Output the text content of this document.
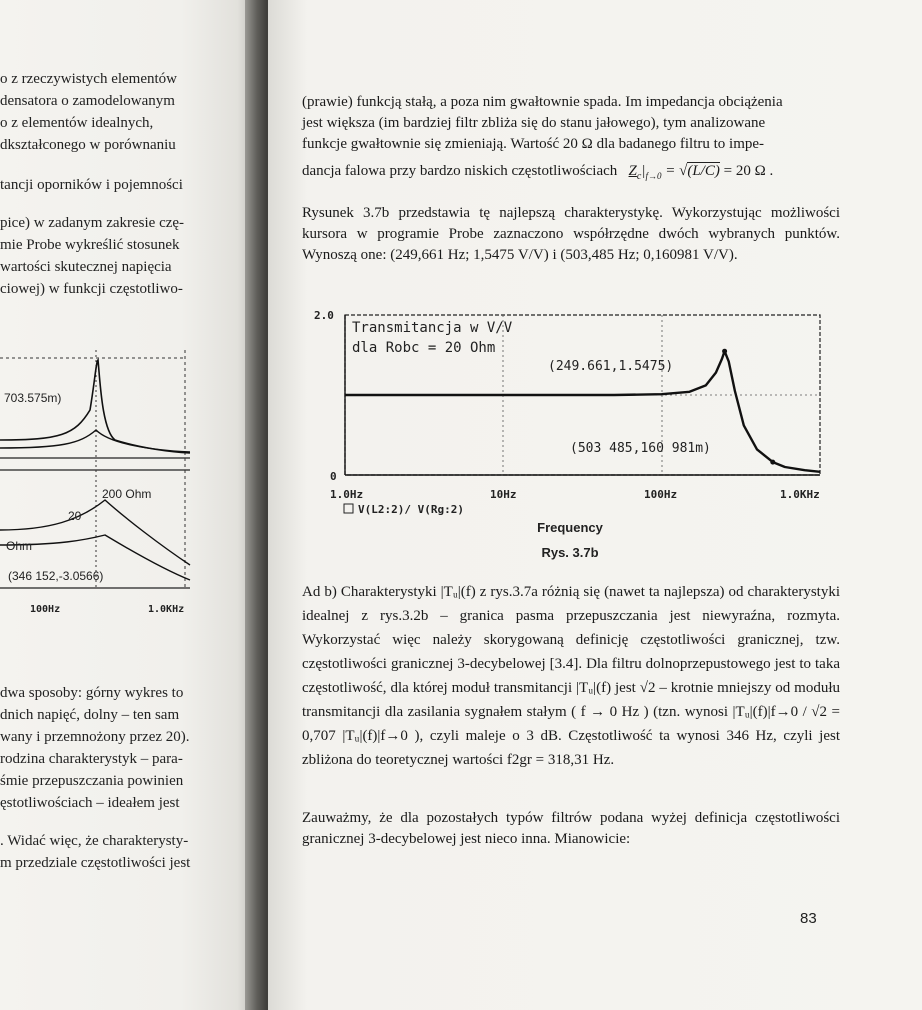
o z rzeczywistych elementów
densatora o zamodelowanym
o z elementów idealnych,
dkształconego w porównaniu
tancji oporników i pojemności
pice) w zadanym zakresie czę-
mie Probe wykreślić stosunek
wartości skutecznej napięcia
ciowej) w funkcji częstotliwo-
703.575m)
200 Ohm
20
Ohm
(346 152,-3.0566)
100Hz	1.0KHz
dwa sposoby: górny wykres to
dnich napięć, dolny – ten sam
wany i przemnożony przez 20).
rodzina charakterystyk – para-
śmie przepuszczania powinien
ęstotliwościach – ideałem jest
. Widać więc, że charakterysty-
m przedziale częstotliwości jest
(prawie) funkcją stałą, a poza nim gwałtownie spada. Im impedancja obciążenia
jest większa (im bardziej filtr zbliża się do stanu jałowego), tym analizowane
funkcje gwałtownie się zmieniają. Wartość 20 Ω dla badanego filtru to impe-
dancja falowa przy bardzo niskich częstotliwościach $Z_c|_{f\to 0} = √(L/C) = 20$ Ω .

Rysunek 3.7b przedstawia tę najlepszą charakterystykę. Wykorzystując możliwości kursora w programie Probe zaznaczono współrzędne dwóch wybranych punktów. Wynoszą one: (249,661 Hz; 1,5475 V/V) i (503,485 Hz; 0,160981 V/V).

Transmitancja w V/V
dla Robc = 20 Ohm
2.0
0
1.0Hz	10Hz	100Hz	1.0KHz
V(L2:2)/ V(Rg:2)
(249.661,1.5475)
(503 485,160 981m)
Frequency
Rys. 3.7b

Ad b) Charakterystyki |Tᵤ|(f) z rys.3.7a różnią się (nawet ta najlepsza) od charakterystyki idealnej z rys.3.2b – granica pasma przepuszczania jest niewyraźna, rozmyta. Wykorzystać więc należy skorygowaną definicję częstotliwości granicznej, tzw. częstotliwości granicznej 3-decybelowej [3.4]. Dla filtru dolnoprzepustowego jest to taka częstotliwość, dla której moduł transmitancji |Tᵤ|(f) jest √2 – krotnie mniejszy od modułu transmitancji dla zasilania sygnałem stałym ( f → 0 Hz ) (tzn. wynosi |Tᵤ|(f)|f→0 / √2 = 0,707 |Tᵤ|(f)|f→0 ), czyli maleje o 3 dB. Częstotliwość ta wynosi 346 Hz, czyli jest zbliżona do teoretycznej wartości f2gr = 318,31 Hz.

Zauważmy, że dla pozostałych typów filtrów podana wyżej definicja częstotliwości granicznej 3-decybelowej jest nieco inna. Mianowicie:

83
